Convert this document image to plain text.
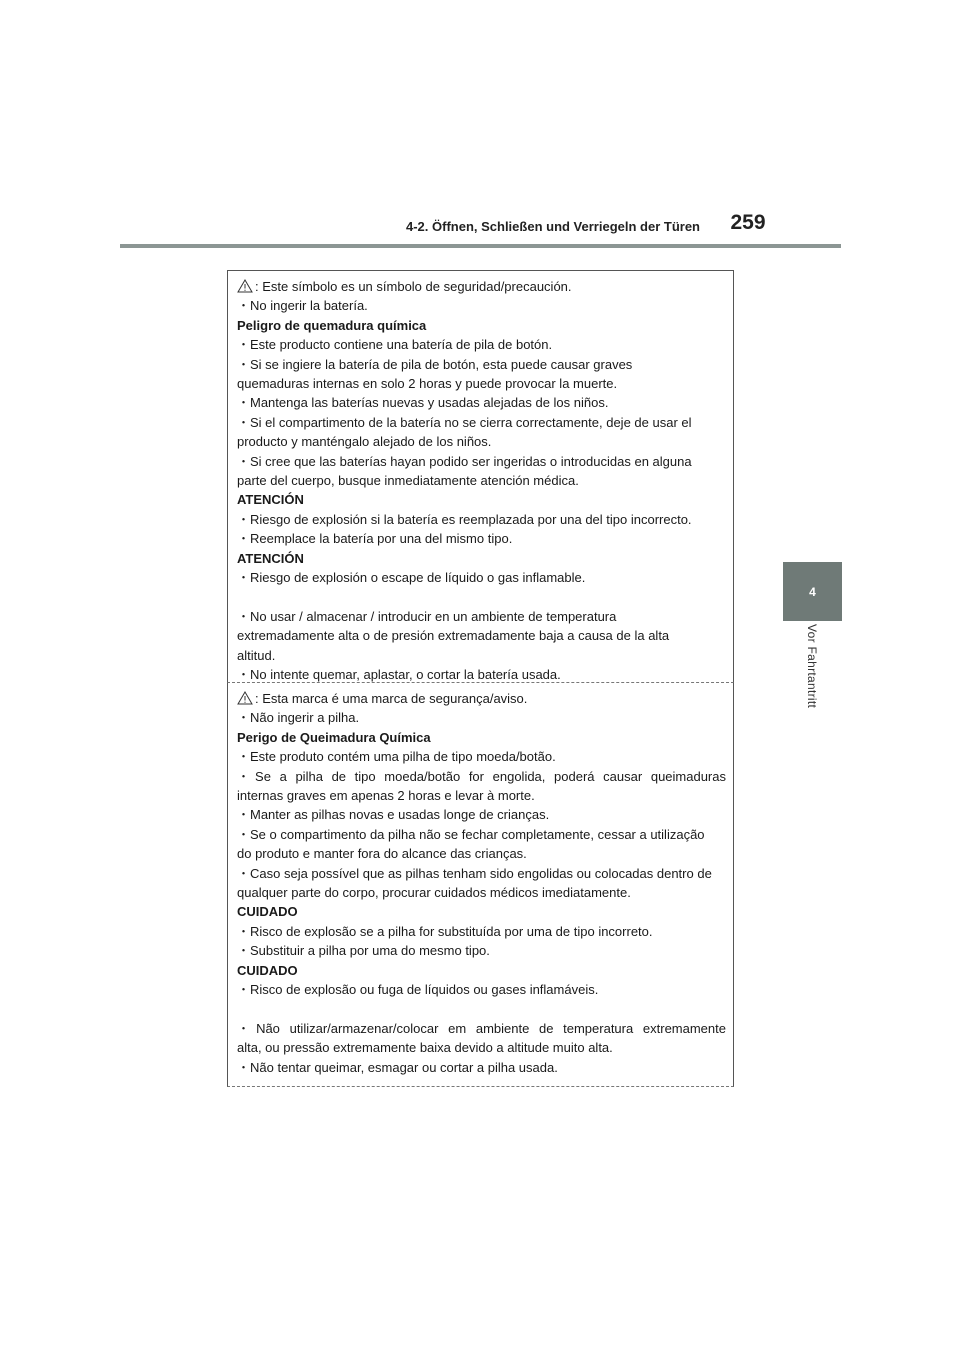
4-2. Öffnen, Schließen und Verriegeln der Türen	259
4
Vor Fahrtantritt
: Este símbolo es un símbolo de seguridad/precaución.
・No ingerir la batería.
Peligro de quemadura química
・Este producto contiene una batería de pila de botón.
・Si se ingiere la batería de pila de botón, esta puede causar graves
quemaduras internas en solo 2 horas y puede provocar la muerte.
・Mantenga las baterías nuevas y usadas alejadas de los niños.
・Si el compartimento de la batería no se cierra correctamente, deje de usar el
producto y manténgalo alejado de los niños.
・Si cree que las baterías hayan podido ser ingeridas o introducidas en alguna
parte del cuerpo, busque inmediatamente atención médica.
ATENCIÓN
・Riesgo de explosión si la batería es reemplazada por una del tipo incorrecto.
・Reemplace la batería por una del mismo tipo.
ATENCIÓN
・Riesgo de explosión o escape de líquido o gas inflamable.
・No usar / almacenar / introducir en un ambiente de temperatura
extremadamente alta o de presión extremadamente baja a causa de la alta
altitud.
・No intente quemar, aplastar, o cortar la batería usada.
: Esta marca é uma marca de segurança/aviso.
・Não ingerir a pilha.
Perigo de Queimadura Química
・Este produto contém uma pilha de tipo moeda/botão.
・Se a pilha de tipo moeda/botão for engolida, poderá causar queimaduras
internas graves em apenas 2 horas e levar à morte.
・Manter as pilhas novas e usadas longe de crianças.
・Se o compartimento da pilha não se fechar completamente, cessar a utilização
do produto e manter fora do alcance das crianças.
・Caso seja possível que as pilhas tenham sido engolidas ou colocadas dentro de
qualquer parte do corpo, procurar cuidados médicos imediatamente.
CUIDADO
・Risco de explosão se a pilha for substituída por uma de tipo incorreto.
・Substituir a pilha por uma do mesmo tipo.
CUIDADO
・Risco de explosão ou fuga de líquidos ou gases inflamáveis.
・Não utilizar/armazenar/colocar em ambiente de temperatura extremamente
alta, ou pressão extremamente baixa devido a altitude muito alta.
・Não tentar queimar, esmagar ou cortar a pilha usada.
